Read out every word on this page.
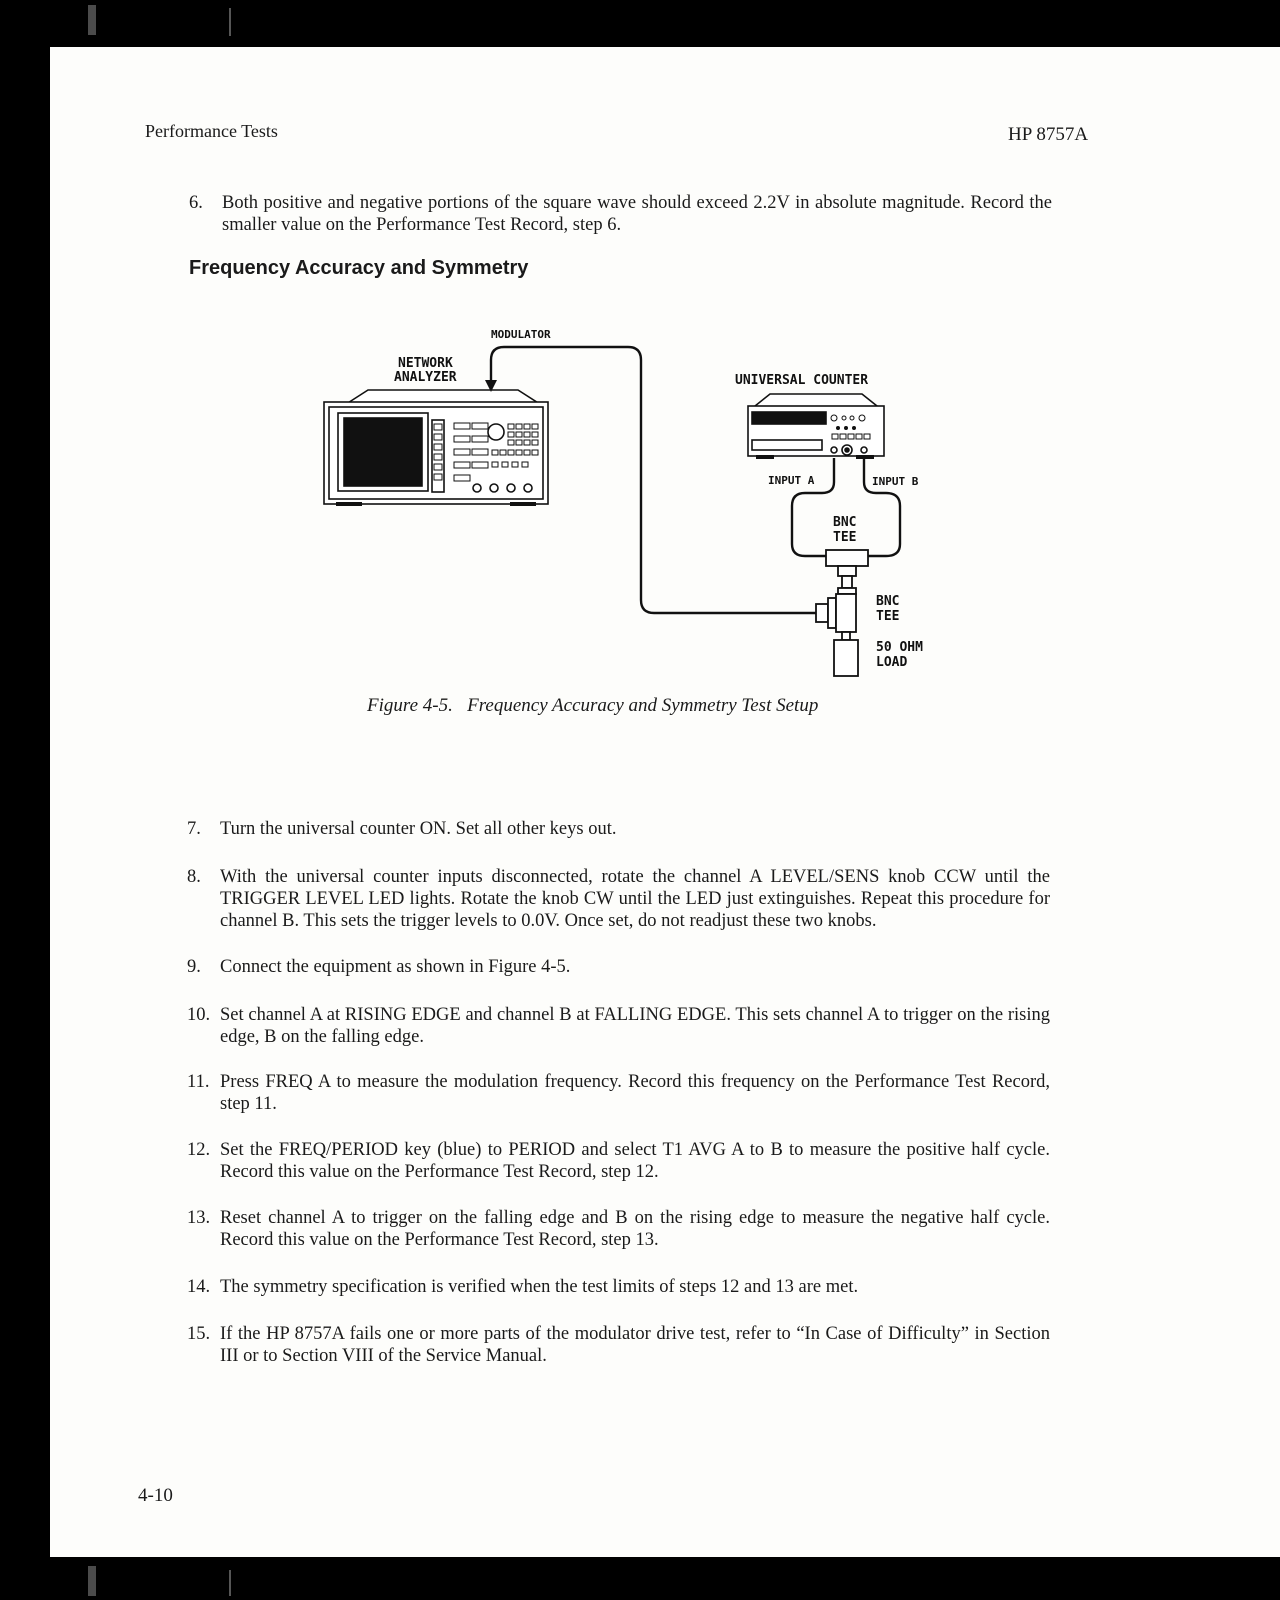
Performance Tests	HP 8757A
6. Both positive and negative portions of the square wave should exceed 2.2V in absolute magnitude. Record the smaller value on the Performance Test Record, step 6.
Frequency Accuracy and Symmetry
MODULATOR
NETWORK
ANALYZER	UNIVERSAL COUNTER
INPUT A	INPUT B
BNC
TEE
BNC
TEE
50 OHM
LOAD
Figure 4-5. Frequency Accuracy and Symmetry Test Setup
7. Turn the universal counter ON. Set all other keys out.
8. With the universal counter inputs disconnected, rotate the channel A LEVEL/SENS knob CCW until the TRIGGER LEVEL LED lights. Rotate the knob CW until the LED just extinguishes. Repeat this procedure for channel B. This sets the trigger levels to 0.0V. Once set, do not readjust these two knobs.
9. Connect the equipment as shown in Figure 4-5.
10. Set channel A at RISING EDGE and channel B at FALLING EDGE. This sets channel A to trigger on the rising edge, B on the falling edge.
11. Press FREQ A to measure the modulation frequency. Record this frequency on the Performance Test Record, step 11.
12. Set the FREQ/PERIOD key (blue) to PERIOD and select T1 AVG A to B to measure the positive half cycle. Record this value on the Performance Test Record, step 12.
13. Reset channel A to trigger on the falling edge and B on the rising edge to measure the negative half cycle. Record this value on the Performance Test Record, step 13.
14. The symmetry specification is verified when the test limits of steps 12 and 13 are met.
15. If the HP 8757A fails one or more parts of the modulator drive test, refer to “In Case of Difficulty” in Section III or to Section VIII of the Service Manual.
4-10
